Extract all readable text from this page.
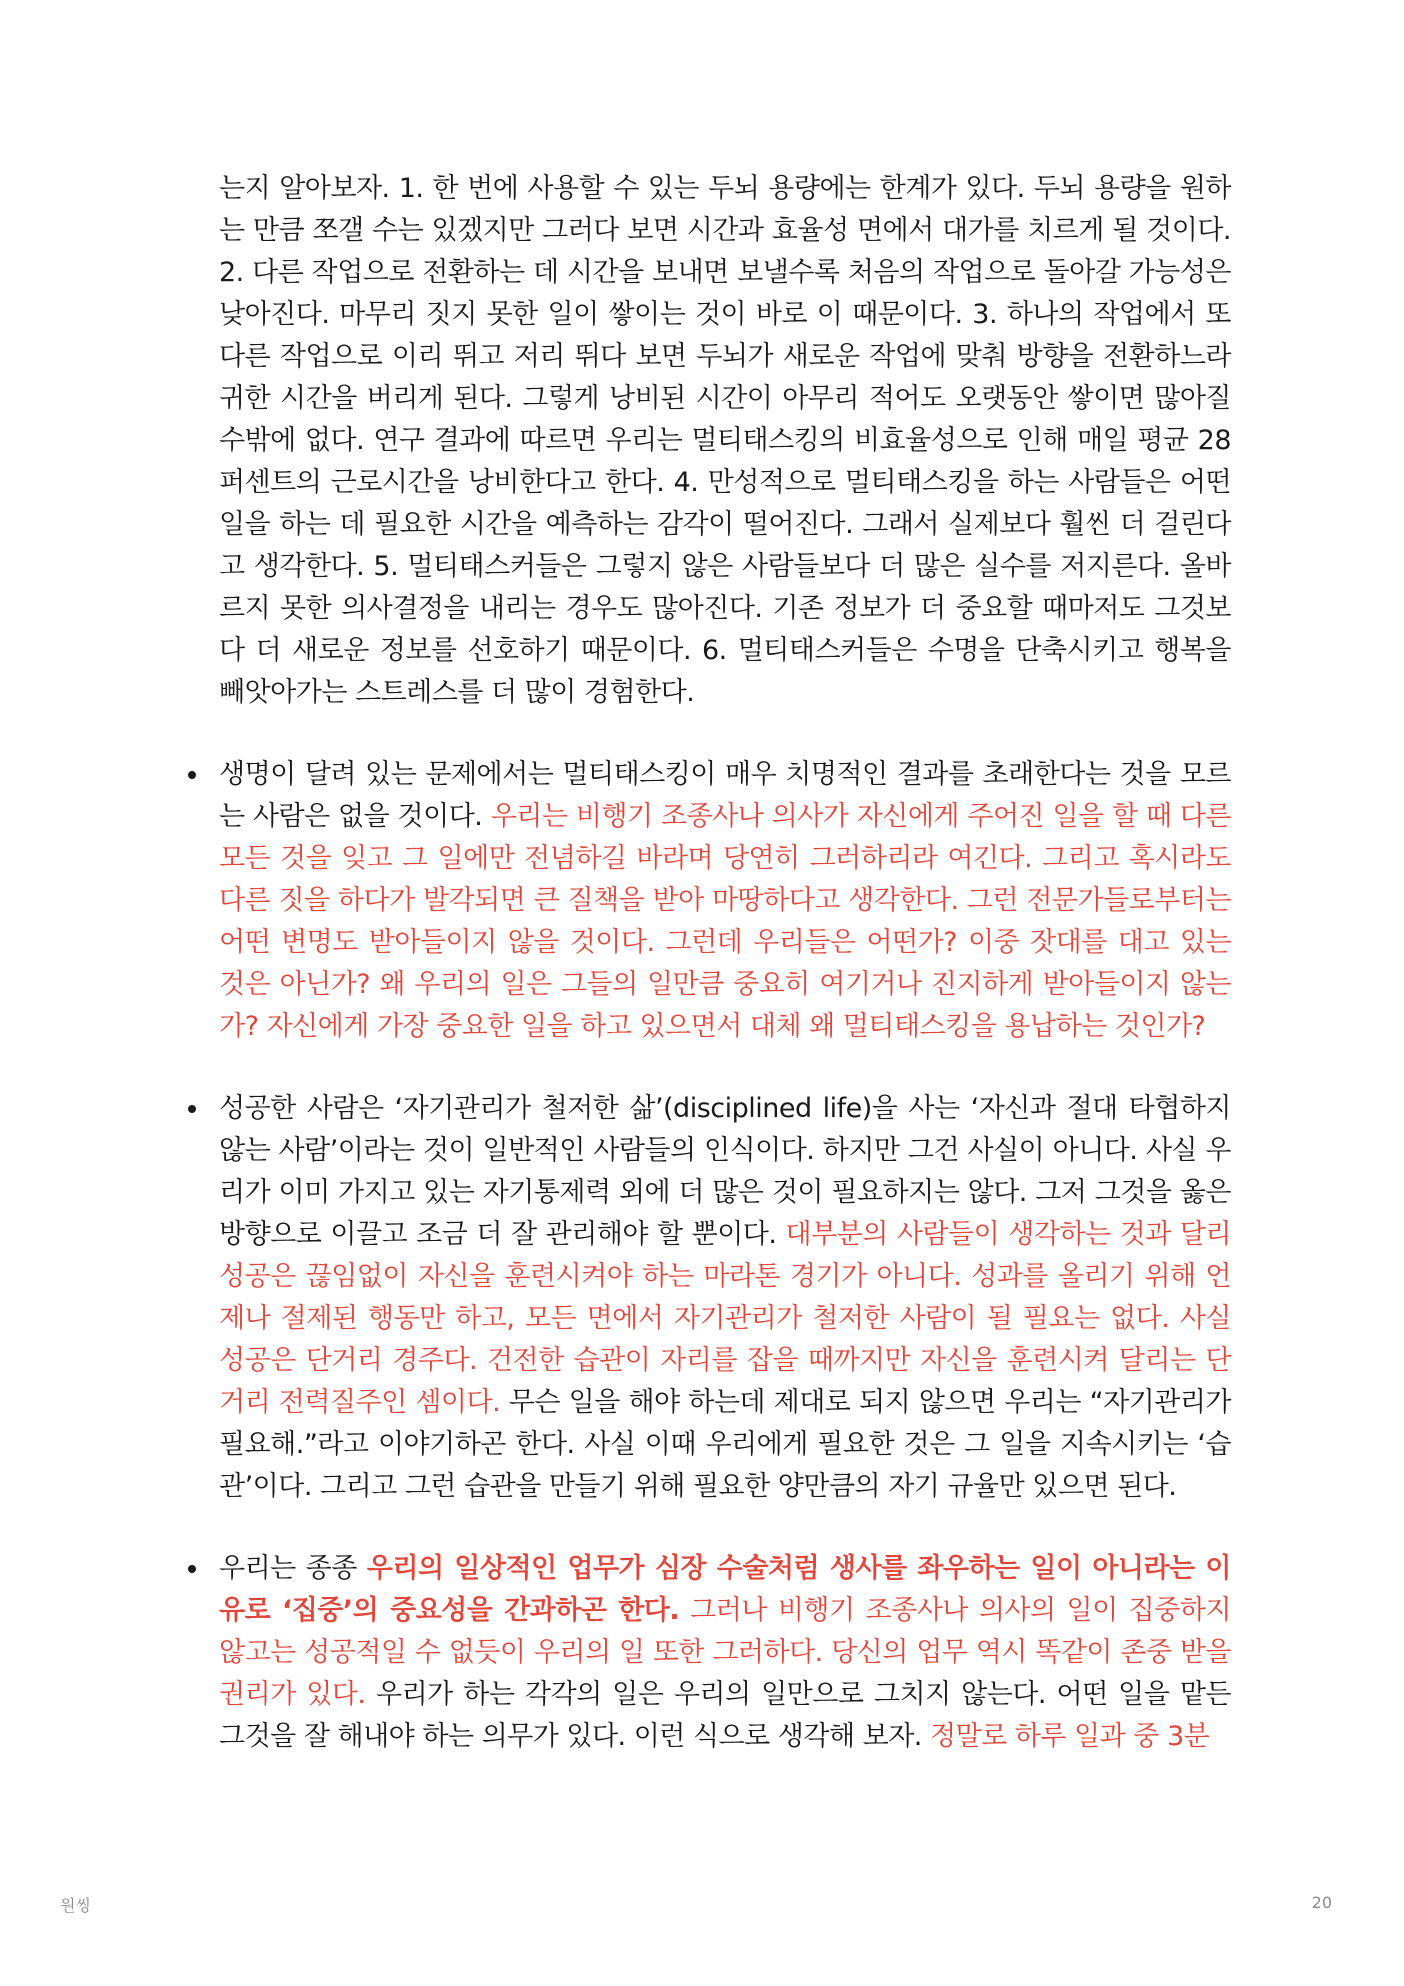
는지 알아보자. 1. 한 번에 사용할 수 있는 두뇌 용량에는 한계가 있다. 두뇌 용량을 원하는 만큼 쪼갤 수는 있겠지만 그러다 보면 시간과 효율성 면에서 대가를 치르게 될 것이다. 2. 다른 작업으로 전환하는 데 시간을 보내면 보낼수록 처음의 작업으로 돌아갈 가능성은 낮아진다. 마무리 짓지 못한 일이 쌓이는 것이 바로 이 때문이다. 3. 하나의 작업에서 또 다른 작업으로 이리 뛰고 저리 뛰다 보면 두뇌가 새로운 작업에 맞춰 방향을 전환하느라 귀한 시간을 버리게 된다. 그렇게 낭비된 시간이 아무리 적어도 오랫동안 쌓이면 많아질 수밖에 없다. 연구 결과에 따르면 우리는 멀티태스킹의 비효율성으로 인해 매일 평균 28퍼센트의 근로시간을 낭비한다고 한다. 4. 만성적으로 멀티태스킹을 하는 사람들은 어떤 일을 하는 데 필요한 시간을 예측하는 감각이 떨어진다. 그래서 실제보다 훨씬 더 걸린다고 생각한다. 5. 멀티태스커들은 그렇지 않은 사람들보다 더 많은 실수를 저지른다. 올바르지 못한 의사결정을 내리는 경우도 많아진다. 기존 정보가 더 중요할 때마저도 그것보다 더 새로운 정보를 선호하기 때문이다. 6. 멀티태스커들은 수명을 단축시키고 행복을 빼앗아가는 스트레스를 더 많이 경험한다.

생명이 달려 있는 문제에서는 멀티태스킹이 매우 치명적인 결과를 초래한다는 것을 모르는 사람은 없을 것이다. 우리는 비행기 조종사나 의사가 자신에게 주어진 일을 할 때 다른 모든 것을 잊고 그 일에만 전념하길 바라며 당연히 그러하리라 여긴다. 그리고 혹시라도 다른 짓을 하다가 발각되면 큰 질책을 받아 마땅하다고 생각한다. 그런 전문가들로부터는 어떤 변명도 받아들이지 않을 것이다. 그런데 우리들은 어떤가? 이중 잣대를 대고 있는 것은 아닌가? 왜 우리의 일은 그들의 일만큼 중요히 여기거나 진지하게 받아들이지 않는가? 자신에게 가장 중요한 일을 하고 있으면서 대체 왜 멀티태스킹을 용납하는 것인가?
성공한 사람은 ‘자기관리가 철저한 삶’(disciplined life)을 사는 ‘자신과 절대 타협하지 않는 사람’이라는 것이 일반적인 사람들의 인식이다. 하지만 그건 사실이 아니다. 사실 우리가 이미 가지고 있는 자기통제력 외에 더 많은 것이 필요하지는 않다. 그저 그것을 옳은 방향으로 이끌고 조금 더 잘 관리해야 할 뿐이다. 대부분의 사람들이 생각하는 것과 달리 성공은 끊임없이 자신을 훈련시켜야 하는 마라톤 경기가 아니다. 성과를 올리기 위해 언제나 절제된 행동만 하고, 모든 면에서 자기관리가 철저한 사람이 될 필요는 없다. 사실 성공은 단거리 경주다. 건전한 습관이 자리를 잡을 때까지만 자신을 훈련시켜 달리는 단거리 전력질주인 셈이다. 무슨 일을 해야 하는데 제대로 되지 않으면 우리는 “자기관리가 필요해.”라고 이야기하곤 한다. 사실 이때 우리에게 필요한 것은 그 일을 지속시키는 ‘습관’이다. 그리고 그런 습관을 만들기 위해 필요한 양만큼의 자기 규율만 있으면 된다.
우리는 종종 우리의 일상적인 업무가 심장 수술처럼 생사를 좌우하는 일이 아니라는 이유로 ‘집중’의 중요성을 간과하곤 한다. 그러나 비행기 조종사나 의사의 일이 집중하지 않고는 성공적일 수 없듯이 우리의 일 또한 그러하다. 당신의 업무 역시 똑같이 존중 받을 권리가 있다. 우리가 하는 각각의 일은 우리의 일만으로 그치지 않는다. 어떤 일을 맡든 그것을 잘 해내야 하는 의무가 있다. 이런 식으로 생각해 보자. 정말로 하루 일과 중 3분
원씽	20
